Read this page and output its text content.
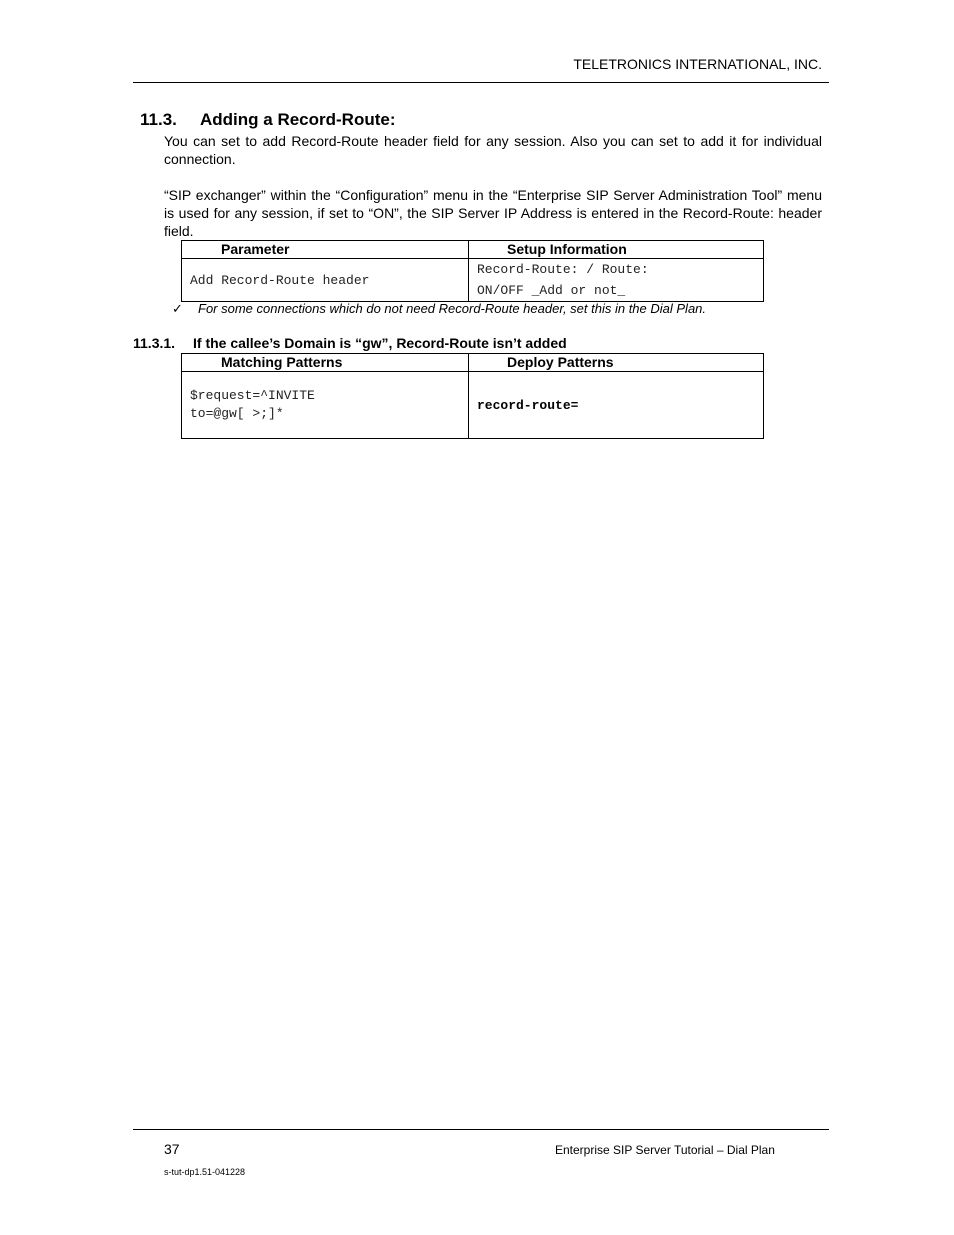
TELETRONICS INTERNATIONAL, INC.
11.3. Adding a Record-Route:
You can set to add Record-Route header field for any session. Also you can set to add it for individual connection.
“SIP exchanger” within the “Configuration” menu in the “Enterprise SIP Server Administration Tool” menu is used for any session, if set to “ON”, the SIP Server IP Address is entered in the Record-Route: header field.
Parameter	Setup Information
Add Record-Route header	Record-Route: / Route:
ON/OFF _Add or not_
✓ For some connections which do not need Record-Route header, set this in the Dial Plan.
11.3.1. If the callee’s Domain is “gw”, Record-Route isn’t added
Matching Patterns	Deploy Patterns

$request=^INVITE
to=@gw[ >;]*	record-route=
37	Enterprise SIP Server Tutorial – Dial Plan
s-tut-dp1.51-041228
